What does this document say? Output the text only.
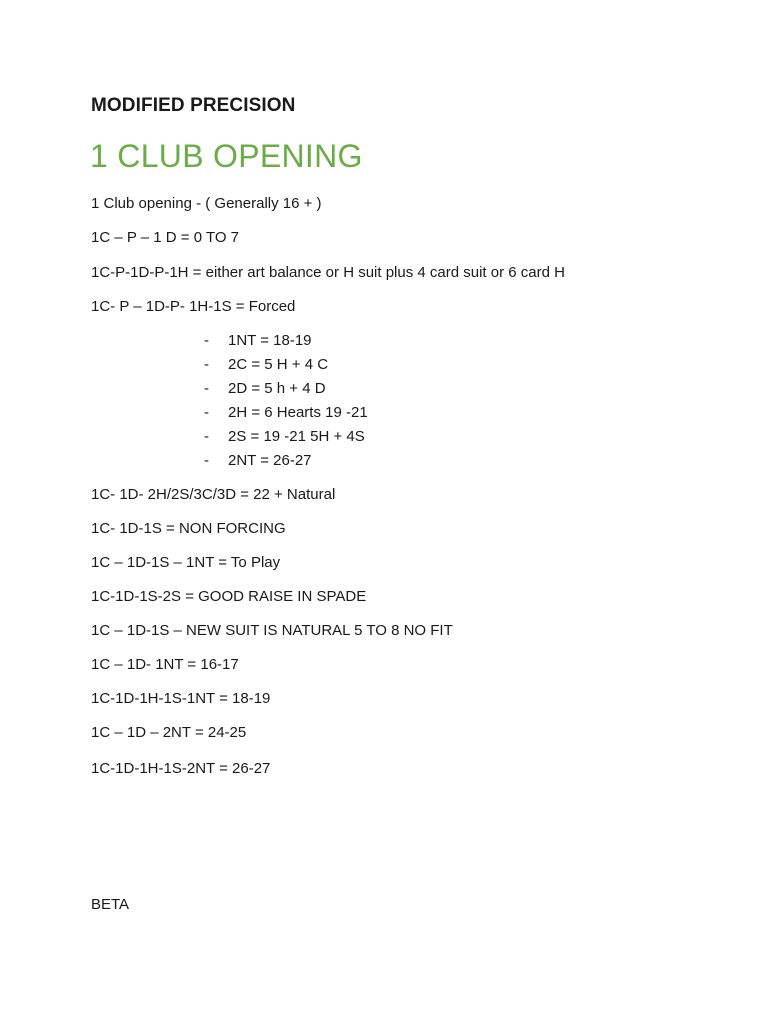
MODIFIED PRECISION
1 CLUB OPENING
1 Club opening - ( Generally 16 + )
1C – P – 1 D = 0 TO 7
1C-P-1D-P-1H = either art balance or H suit plus 4 card suit or 6 card H
1C- P – 1D-P- 1H-1S = Forced
- 1NT = 18-19
- 2C = 5 H + 4 C
- 2D = 5 h + 4 D
- 2H = 6 Hearts 19 -21
- 2S = 19 -21 5H + 4S
- 2NT = 26-27
1C- 1D- 2H/2S/3C/3D = 22 + Natural
1C- 1D-1S = NON FORCING
1C – 1D-1S – 1NT = To Play
1C-1D-1S-2S = GOOD RAISE IN SPADE
1C – 1D-1S – NEW SUIT IS NATURAL 5 TO 8 NO FIT
1C – 1D- 1NT = 16-17
1C-1D-1H-1S-1NT = 18-19
1C – 1D – 2NT = 24-25
1C-1D-1H-1S-2NT = 26-27
BETA
